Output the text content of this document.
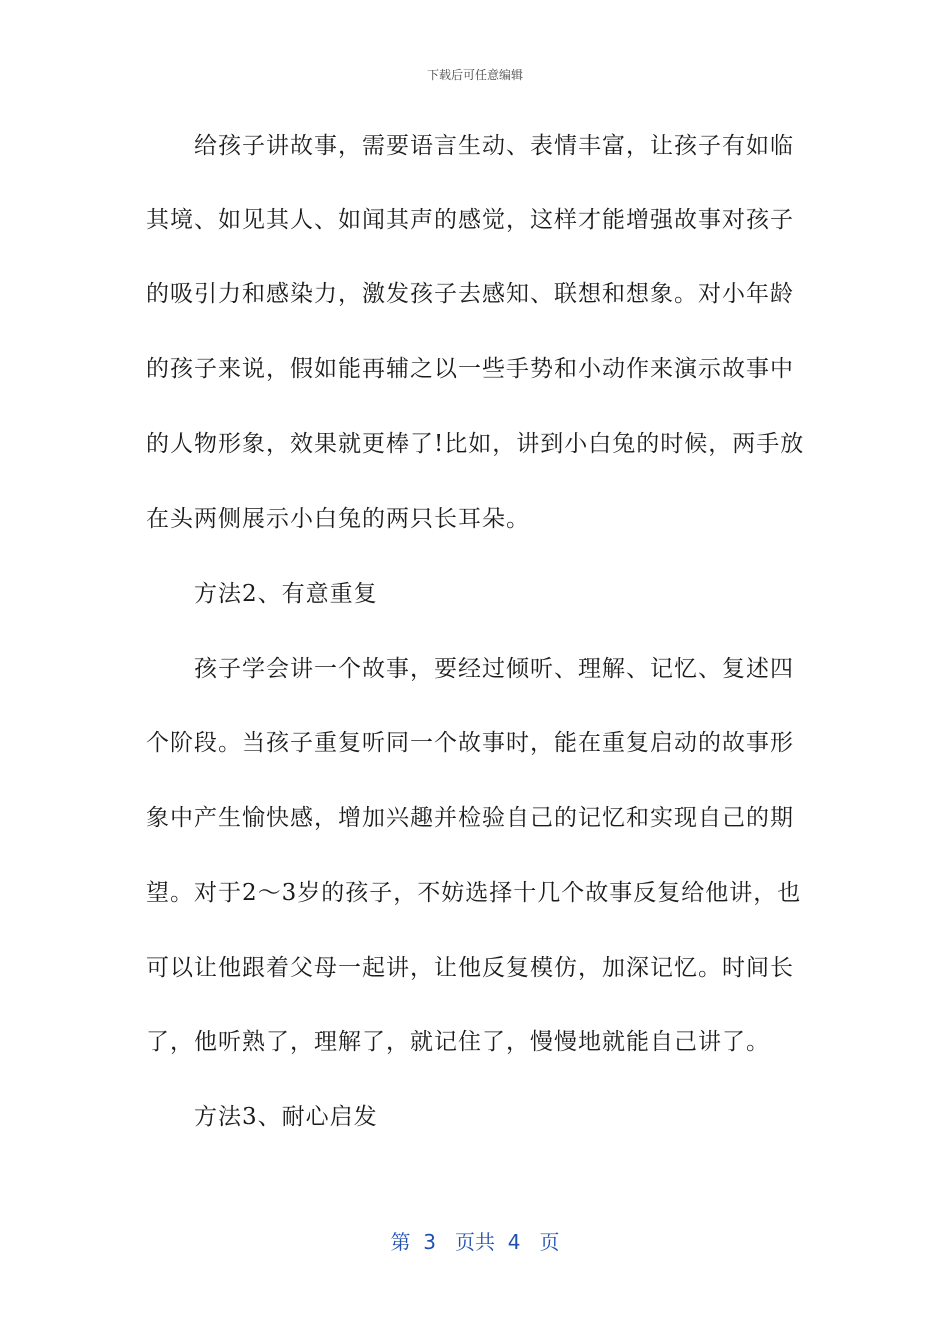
下载后可任意编辑
给孩子讲故事，需要语言生动、表情丰富，让孩子有如临
其境、如见其人、如闻其声的感觉，这样才能增强故事对孩子
的吸引力和感染力，激发孩子去感知、联想和想象。对小年龄
的孩子来说，假如能再辅之以一些手势和小动作来演示故事中
的人物形象，效果就更棒了!比如，讲到小白兔的时候，两手放
在头两侧展示小白兔的两只长耳朵。
方法2、有意重复
孩子学会讲一个故事，要经过倾听、理解、记忆、复述四
个阶段。当孩子重复听同一个故事时，能在重复启动的故事形
象中产生愉快感，增加兴趣并检验自己的记忆和实现自己的期
望。对于2～3岁的孩子，不妨选择十几个故事反复给他讲，也
可以让他跟着父母一起讲，让他反复模仿，加深记忆。时间长
了，他听熟了，理解了，就记住了，慢慢地就能自己讲了。
方法3、耐心启发
第  3   页共  4   页
